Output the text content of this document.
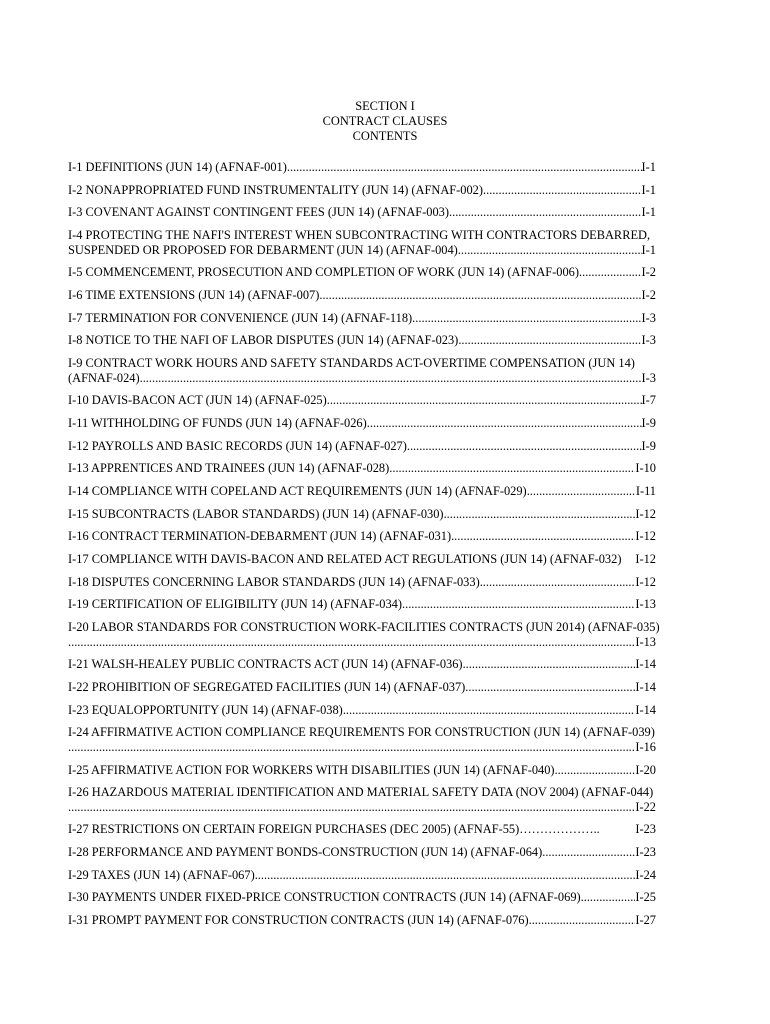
SECTION I
CONTRACT CLAUSES
CONTENTS
I-1 DEFINITIONS (JUN 14) (AFNAF-001) .....	I-1
I-2 NONAPPROPRIATED FUND INSTRUMENTALITY (JUN 14) (AFNAF-002) .....	I-1
I-3 COVENANT AGAINST CONTINGENT FEES (JUN 14) (AFNAF-003) .....	I-1
I-4 PROTECTING THE NAFI'S INTEREST WHEN SUBCONTRACTING WITH CONTRACTORS DEBARRED,
SUSPENDED OR PROPOSED FOR DEBARMENT (JUN 14) (AFNAF-004) .....	I-1
I-5 COMMENCEMENT, PROSECUTION AND COMPLETION OF WORK (JUN 14) (AFNAF-006) .....	I-2
I-6 TIME EXTENSIONS (JUN 14) (AFNAF-007) .....	I-2
I-7 TERMINATION FOR CONVENIENCE (JUN 14) (AFNAF-118) .....	I-3
I-8 NOTICE TO THE NAFI OF LABOR DISPUTES (JUN 14) (AFNAF-023) .....	I-3
I-9 CONTRACT WORK HOURS AND SAFETY STANDARDS ACT-OVERTIME COMPENSATION (JUN 14)
(AFNAF-024) .....	I-3
I-10 DAVIS-BACON ACT (JUN 14) (AFNAF-025) .....	I-7
I-11 WITHHOLDING OF FUNDS (JUN 14) (AFNAF-026) .....	I-9
I-12 PAYROLLS AND BASIC RECORDS (JUN 14) (AFNAF-027) .....	I-9
I-13 APPRENTICES AND TRAINEES (JUN 14) (AFNAF-028) .....	I-10
I-14 COMPLIANCE WITH COPELAND ACT REQUIREMENTS (JUN 14) (AFNAF-029) .....	I-11
I-15 SUBCONTRACTS (LABOR STANDARDS) (JUN 14) (AFNAF-030) .....	I-12
I-16 CONTRACT TERMINATION-DEBARMENT (JUN 14) (AFNAF-031) .....	I-12
I-17 COMPLIANCE WITH DAVIS-BACON AND RELATED ACT REGULATIONS (JUN 14) (AFNAF-032) I-12
I-18 DISPUTES CONCERNING LABOR STANDARDS (JUN 14) (AFNAF-033) .....	I-12
I-19 CERTIFICATION OF ELIGIBILITY (JUN 14) (AFNAF-034) .....	I-13
I-20 LABOR STANDARDS FOR CONSTRUCTION WORK-FACILITIES CONTRACTS (JUN 2014) (AFNAF-035)
.....
I-13
I-21 WALSH-HEALEY PUBLIC CONTRACTS ACT (JUN 14) (AFNAF-036) .....	I-14
I-22 PROHIBITION OF SEGREGATED FACILITIES (JUN 14) (AFNAF-037) .....	I-14
I-23 EQUALOPPORTUNITY (JUN 14) (AFNAF-038) .....	I-14
I-24 AFFIRMATIVE ACTION COMPLIANCE REQUIREMENTS FOR CONSTRUCTION (JUN 14) (AFNAF-039)
.....
I-16
I-25 AFFIRMATIVE ACTION FOR WORKERS WITH DISABILITIES (JUN 14) (AFNAF-040) .....	I-20
I-26 HAZARDOUS MATERIAL IDENTIFICATION AND MATERIAL SAFETY DATA (NOV 2004) (AFNAF-044)
.....
I-22
I-27 RESTRICTIONS ON CERTAIN FOREIGN PURCHASES (DEC 2005) (AFNAF-55)………………..	I-23
I-28 PERFORMANCE AND PAYMENT BONDS-CONSTRUCTION (JUN 14) (AFNAF-064) .....	I-23
I-29 TAXES (JUN 14) (AFNAF-067) .....	I-24
I-30 PAYMENTS UNDER FIXED-PRICE CONSTRUCTION CONTRACTS (JUN 14) (AFNAF-069) .....	I-25
I-31 PROMPT PAYMENT FOR CONSTRUCTION CONTRACTS (JUN 14) (AFNAF-076) .....	I-27
